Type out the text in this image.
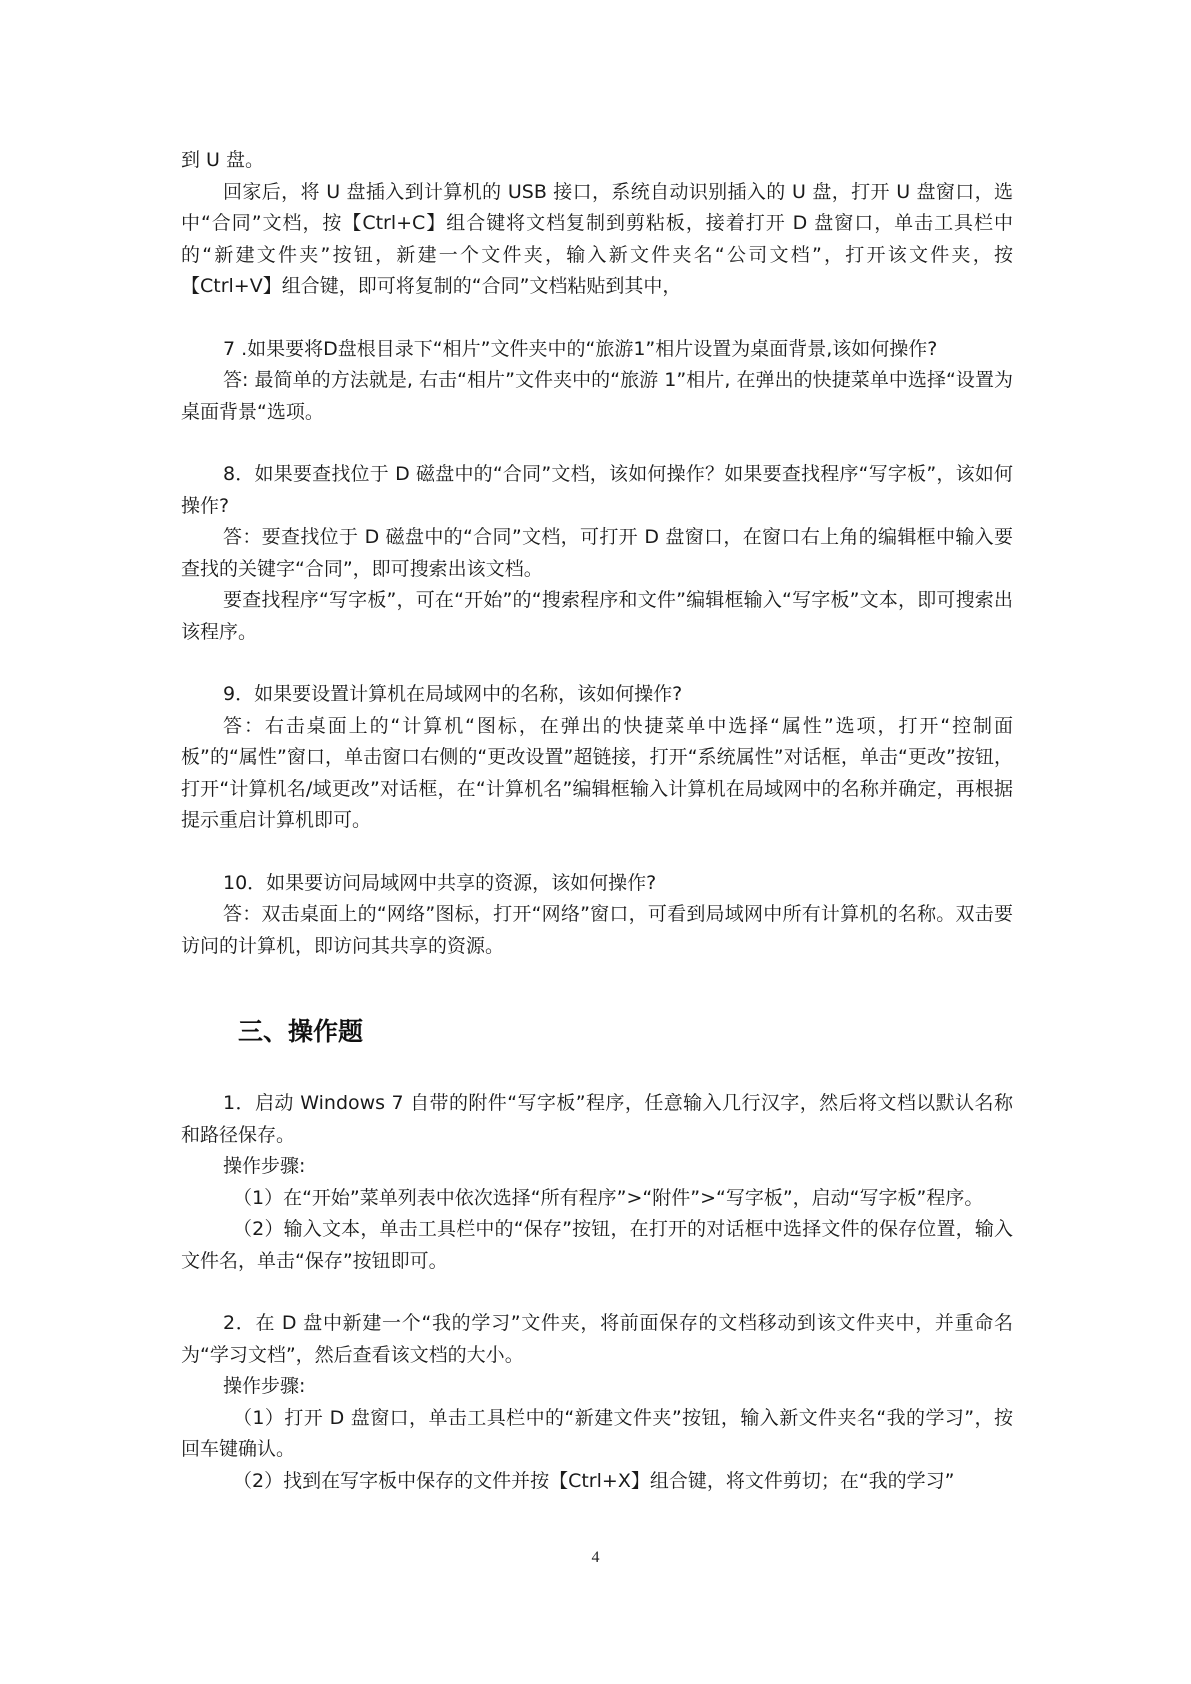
到 U 盘。

回家后，将 U 盘插入到计算机的 USB 接口，系统自动识别插入的 U 盘，打开 U 盘窗口，选中“合同”文档，按【Ctrl+C】组合键将文档复制到剪粘板，接着打开 D 盘窗口，单击工具栏中的“新建文件夹”按钮，新建一个文件夹，输入新文件夹名“公司文档”，打开该文件夹，按【Ctrl+V】组合键，即可将复制的“合同”文档粘贴到其中，

7 .如果要将D盘根目录下“相片”文件夹中的“旅游1”相片设置为桌面背景,该如何操作?

答: 最简单的方法就是, 右击“相片”文件夹中的“旅游 1”相片, 在弹出的快捷菜单中选择“设置为桌面背景“选项。

8．如果要查找位于 D 磁盘中的“合同”文档，该如何操作？如果要查找程序“写字板”，该如何操作?

答：要查找位于 D 磁盘中的“合同”文档，可打开 D 盘窗口，在窗口右上角的编辑框中输入要查找的关键字“合同”，即可搜索出该文档。

要查找程序“写字板”，可在“开始”的“搜索程序和文件”编辑框输入“写字板”文本，即可搜索出该程序。

9．如果要设置计算机在局域网中的名称，该如何操作?

答：右击桌面上的“计算机“图标，在弹出的快捷菜单中选择“属性”选项，打开“控制面板”的“属性”窗口，单击窗口右侧的“更改设置”超链接，打开“系统属性”对话框，单击“更改”按钮，打开“计算机名/域更改”对话框，在“计算机名”编辑框输入计算机在局域网中的名称并确定，再根据提示重启计算机即可。

10．如果要访问局域网中共享的资源，该如何操作?

答：双击桌面上的“网络”图标，打开“网络”窗口，可看到局域网中所有计算机的名称。双击要访问的计算机，即访问其共享的资源。

三、操作题

1．启动 Windows 7 自带的附件“写字板”程序，任意输入几行汉字，然后将文档以默认名称和路径保存。

操作步骤:

（1）在“开始”菜单列表中依次选择“所有程序”>“附件”>“写字板”，启动“写字板”程序。

（2）输入文本，单击工具栏中的“保存”按钮，在打开的对话框中选择文件的保存位置，输入文件名，单击“保存”按钮即可。

2．在 D 盘中新建一个“我的学习”文件夹，将前面保存的文档移动到该文件夹中，并重命名为“学习文档”，然后查看该文档的大小。

操作步骤:

（1）打开 D 盘窗口，单击工具栏中的“新建文件夹”按钮，输入新文件夹名“我的学习”，按回车键确认。

（2）找到在写字板中保存的文件并按【Ctrl+X】组合键，将文件剪切；在“我的学习”

4
